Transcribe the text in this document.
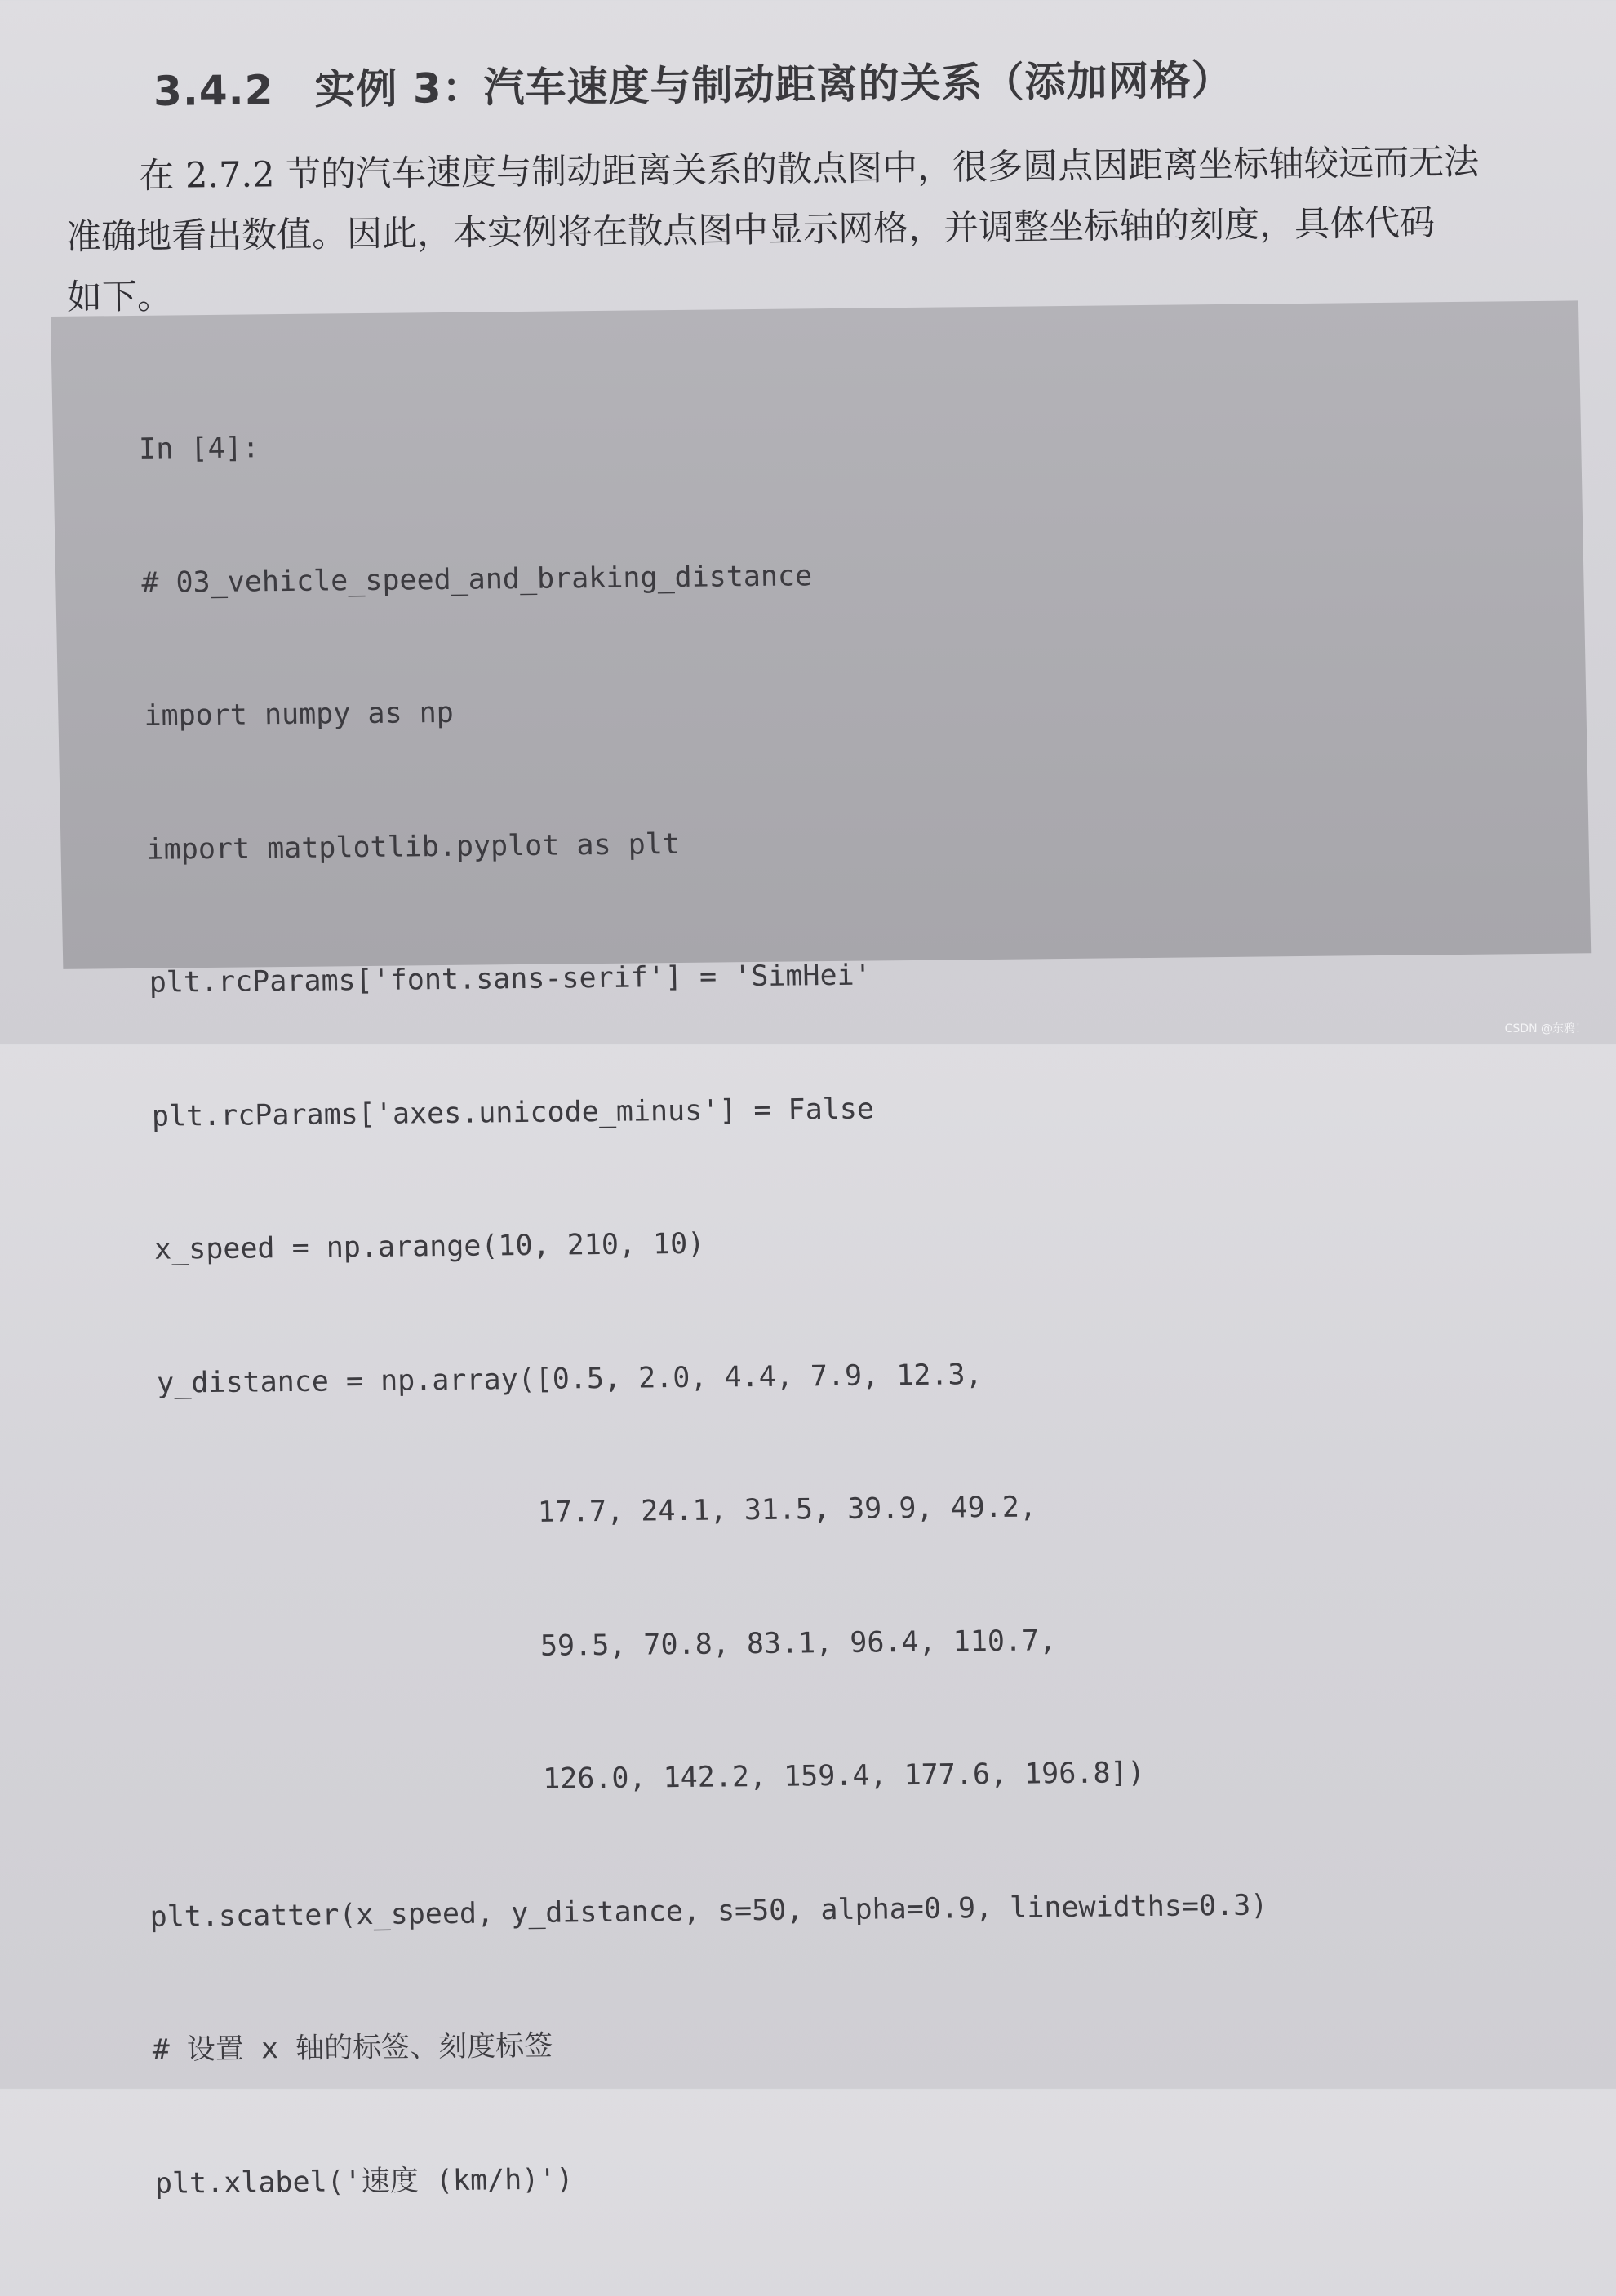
3.4.2 实例 3：汽车速度与制动距离的关系（添加网格）
在 2.7.2 节的汽车速度与制动距离关系的散点图中，很多圆点因距离坐标轴较远而无法
准确地看出数值。因此，本实例将在散点图中显示网格，并调整坐标轴的刻度，具体代码
如下。

In [4]:

# 03_vehicle_speed_and_braking_distance

import numpy as np

import matplotlib.pyplot as plt

plt.rcParams['font.sans-serif'] = 'SimHei'

plt.rcParams['axes.unicode_minus'] = False

x_speed = np.arange(10, 210, 10)

y_distance = np.array([0.5, 2.0, 4.4, 7.9, 12.3,

17.7, 24.1, 31.5, 39.9, 49.2,

59.5, 70.8, 83.1, 96.4, 110.7,

126.0, 142.2, 159.4, 177.6, 196.8])

plt.scatter(x_speed, y_distance, s=50, alpha=0.9, linewidths=0.3)

# 设置 x 轴的标签、刻度标签

plt.xlabel('速度 (km/h)')

CSDN @东鸦！
